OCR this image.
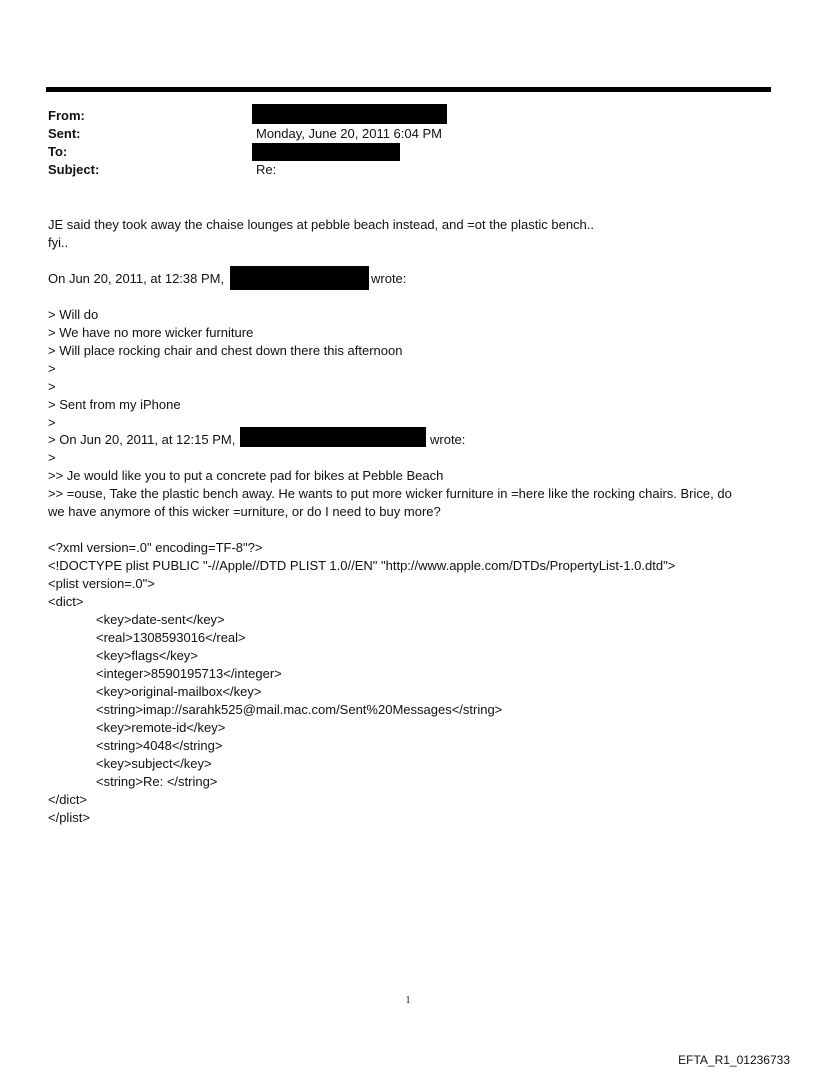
From:
Sent:	Monday, June 20, 2011 6:04 PM
To:
Subject:	Re:
JE said they took away the chaise lounges at pebble beach instead, and =ot the plastic bench..
fyi..
On Jun 20, 2011, at 12:38 PM,	wrote:
> Will do
> We have no more wicker furniture
> Will place rocking chair and chest down there this afternoon
>
>
> Sent from my iPhone
>
> On Jun 20, 2011, at 12:15 PM,	wrote:
>
>> Je would like you to put a concrete pad for bikes at Pebble Beach
>> =ouse, Take the plastic bench away. He wants to put more wicker furniture in =here like the rocking chairs. Brice, do
we have anymore of this wicker =urniture, or do I need to buy more?
<?xml version=.0" encoding=TF-8"?>
<!DOCTYPE plist PUBLIC "-//Apple//DTD PLIST 1.0//EN" "http://www.apple.com/DTDs/PropertyList-1.0.dtd">
<plist version=.0">
<dict>
<key>date-sent</key>
<real>1308593016</real>
<key>flags</key>
<integer>8590195713</integer>
<key>original-mailbox</key>
<string>imap://sarahk525@mail.mac.com/Sent%20Messages</string>
<key>remote-id</key>
<string>4048</string>
<key>subject</key>
<string>Re: </string>
</dict>
</plist>
1
EFTA_R1_01236733
